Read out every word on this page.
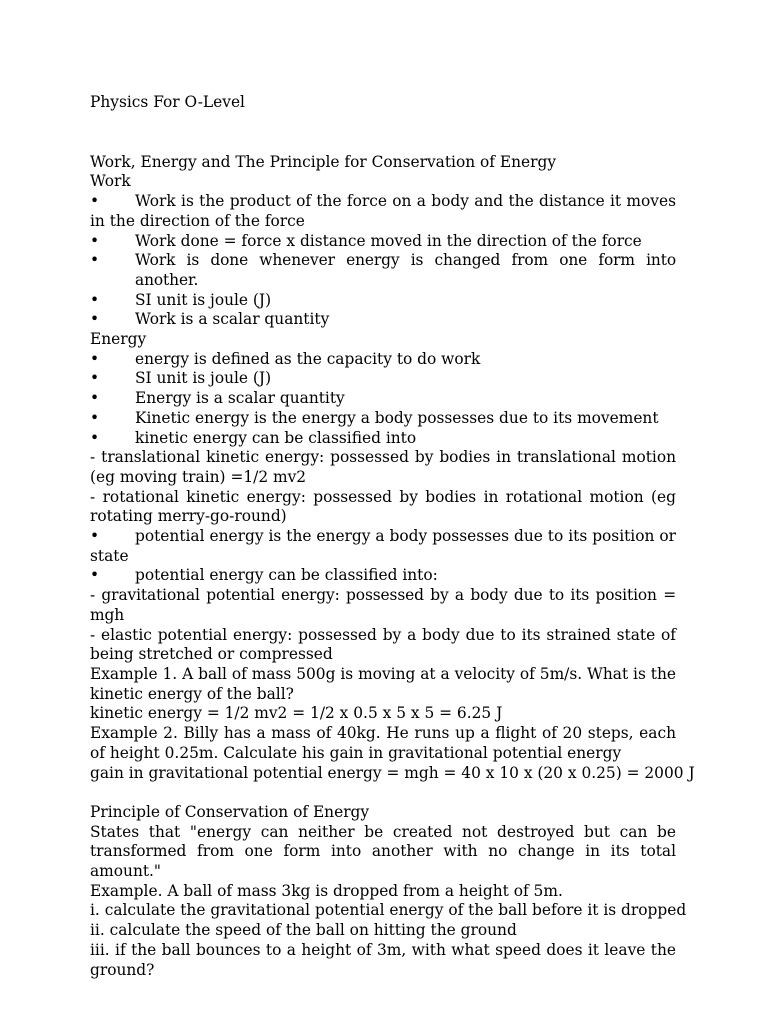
Physics For O-Level
Work, Energy and The Principle for Conservation of Energy
Work
• Work is the product of the force on a body and the distance it moves in the direction of the force
•	Work done = force x distance moved in the direction of the force
•	Work is done whenever energy is changed from one form into another.
•	SI unit is joule (J)
•	Work is a scalar quantity
Energy
•	energy is defined as the capacity to do work
•	SI unit is joule (J)
•	Energy is a scalar quantity
•	Kinetic energy is the energy a body possesses due to its movement
•	kinetic energy can be classified into
- translational kinetic energy: possessed by bodies in translational motion (eg moving train) =1/2 mv2
- rotational kinetic energy: possessed by bodies in rotational motion (eg rotating merry-go-round)
• potential energy is the energy a body possesses due to its position or state
•	potential energy can be classified into:
- gravitational potential energy: possessed by a body due to its position = mgh
- elastic potential energy: possessed by a body due to its strained state of being stretched or compressed
Example 1. A ball of mass 500g is moving at a velocity of 5m/s. What is the kinetic energy of the ball?
kinetic energy = 1/2 mv2 = 1/2 x 0.5 x 5 x 5 = 6.25 J
Example 2. Billy has a mass of 40kg. He runs up a flight of 20 steps, each of height 0.25m. Calculate his gain in gravitational potential energy
gain in gravitational potential energy = mgh = 40 x 10 x (20 x 0.25) = 2000 J
Principle of Conservation of Energy
States that "energy can neither be created not destroyed but can be transformed from one form into another with no change in its total amount."
Example. A ball of mass 3kg is dropped from a height of 5m.
i. calculate the gravitational potential energy of the ball before it is dropped
ii. calculate the speed of the ball on hitting the ground
iii. if the ball bounces to a height of 3m, with what speed does it leave the ground?
